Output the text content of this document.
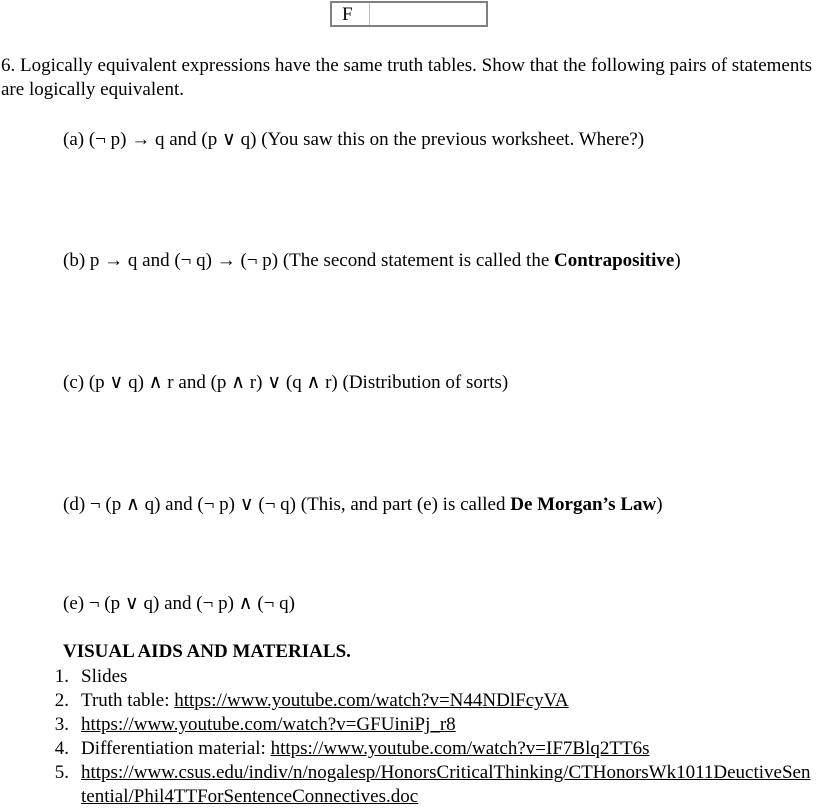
F
6. Logically equivalent expressions have the same truth tables. Show that the following pairs of statements are logically equivalent.
(a) (¬ p) → q and (p ∨ q) (You saw this on the previous worksheet. Where?)
(b) p → q and (¬ q) → (¬ p) (The second statement is called the Contrapositive)
(c) (p ∨ q) ∧ r and (p ∧ r) ∨ (q ∧ r) (Distribution of sorts)
(d) ¬ (p ∧ q) and (¬ p) ∨ (¬ q) (This, and part (e) is called De Morgan’s Law)
(e) ¬ (p ∨ q) and (¬ p) ∧ (¬ q)
VISUAL AIDS AND MATERIALS.
1. Slides
2. Truth table: https://www.youtube.com/watch?v=N44NDlFcyVA
3. https://www.youtube.com/watch?v=GFUiniPj_r8
4. Differentiation material: https://www.youtube.com/watch?v=IF7Blq2TT6s
5. https://www.csus.edu/indiv/n/nogalesp/HonorsCriticalThinking/CTHonorsWk1011DeuctiveSentential/Phil4TTForSentenceConnectives.doc
